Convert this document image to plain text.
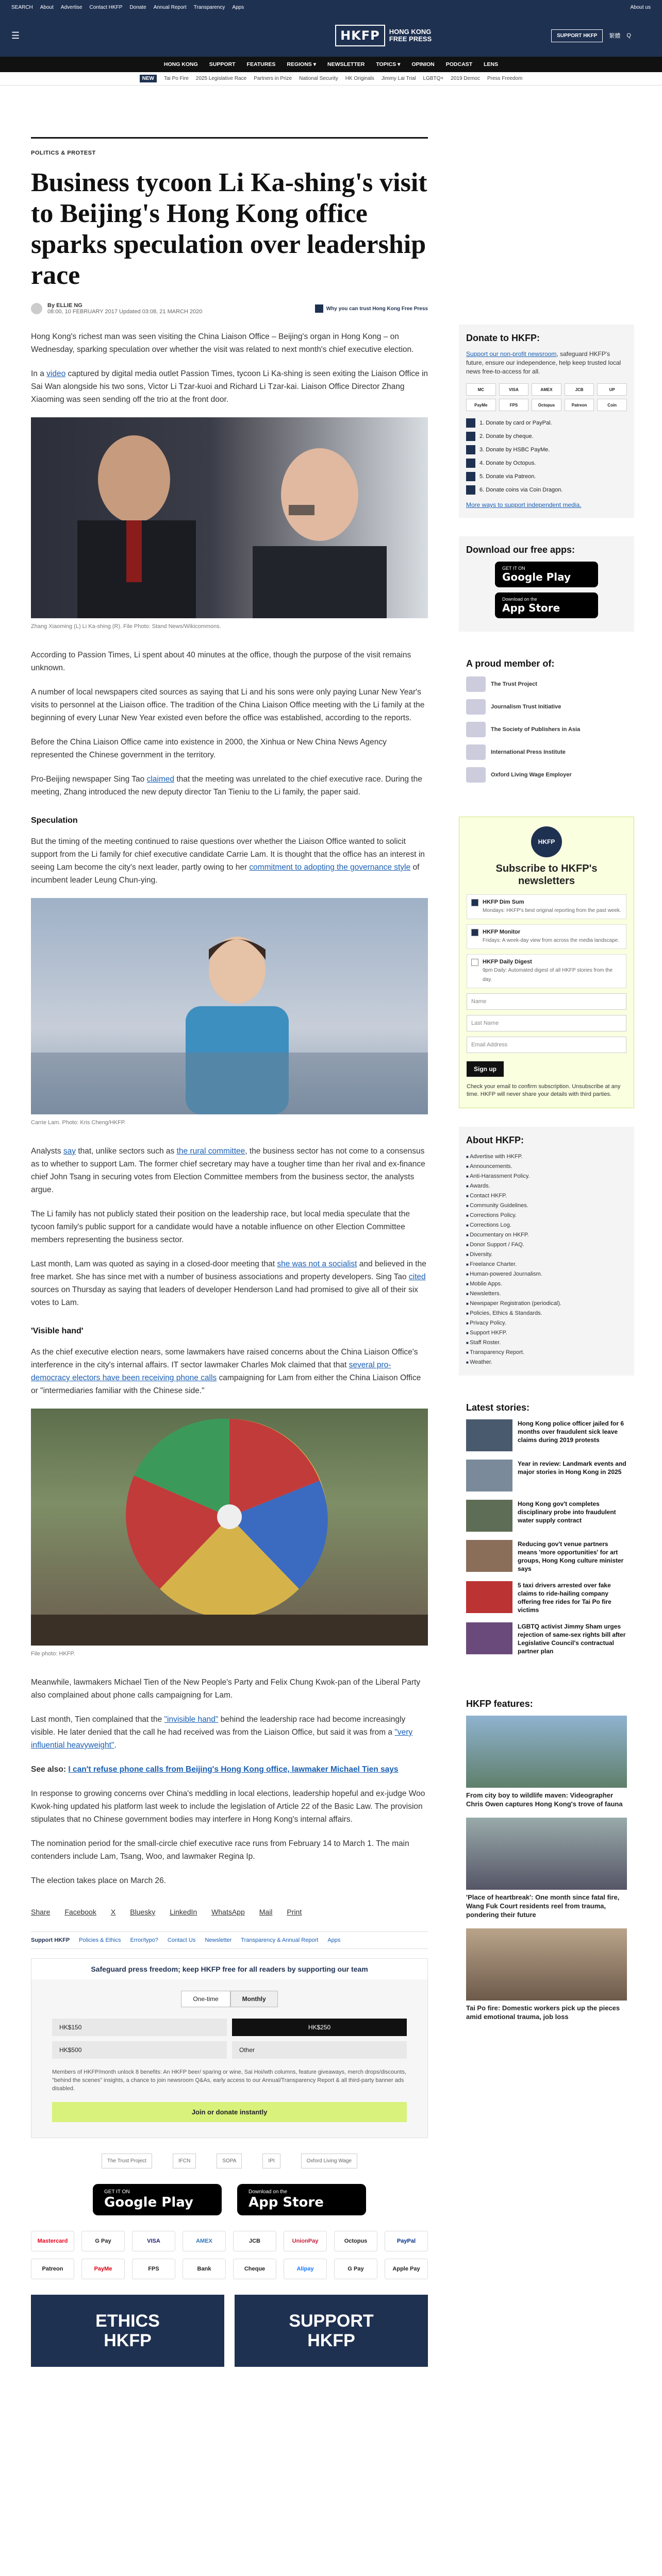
SEARCH About Advertise Contact HKFP Donate Annual Report Transparency Apps	About us
☰	HKFP	HONG KONG
FREE PRESS	SUPPORT HKFP	繁體 Q
HONG KONG SUPPORT FEATURES REGIONS ▾ NEWSLETTER TOPICS ▾ OPINION PODCAST LENS
NEW	Tai Po Fire 2025 Legislative Race Partners in Prize National Security HK Originals Jimmy Lai Trial LGBTQ+ 2019 Democ Press Freedom
POLITICS & PROTEST
Business tycoon Li Ka-shing's visit to Beijing's Hong Kong office sparks speculation over leadership race
By ELLIE NG
08:00, 10 FEBRUARY 2017 Updated 03:08, 21 MARCH 2020	Why you can trust Hong Kong Free Press

Hong Kong's richest man was seen visiting the China Liaison Office – Beijing's organ in Hong Kong – on Wednesday, sparking speculation over whether the visit was related to next month's chief executive election.

In a video captured by digital media outlet Passion Times, tycoon Li Ka-shing is seen exiting the Liaison Office in Sai Wan alongside his two sons, Victor Li Tzar-kuoi and Richard Li Tzar-kai. Liaison Office Director Zhang Xiaoming was seen sending off the trio at the front door.

Zhang Xiaoming (L) Li Ka-shing (R). File Photo: Stand News/Wikicommons.

According to Passion Times, Li spent about 40 minutes at the office, though the purpose of the visit remains unknown.

A number of local newspapers cited sources as saying that Li and his sons were only paying Lunar New Year's visits to personnel at the Liaison office. The tradition of the China Liaison Office meeting with the Li family at the beginning of every Lunar New Year existed even before the office was established, according to the reports.

Before the China Liaison Office came into existence in 2000, the Xinhua or New China News Agency represented the Chinese government in the territory.

Pro-Beijing newspaper Sing Tao claimed that the meeting was unrelated to the chief executive race. During the meeting, Zhang introduced the new deputy director Tan Tieniu to the Li family, the paper said.

Speculation

But the timing of the meeting continued to raise questions over whether the Liaison Office wanted to solicit support from the Li family for chief executive candidate Carrie Lam. It is thought that the office has an interest in seeing Lam become the city's next leader, partly owing to her commitment to adopting the governance style of incumbent leader Leung Chun-ying.

Carrie Lam. Photo: Kris Cheng/HKFP.

Analysts say that, unlike sectors such as the rural committee, the business sector has not come to a consensus as to whether to support Lam. The former chief secretary may have a tougher time than her rival and ex-finance chief John Tsang in securing votes from Election Committee members from the business sector, the analysts argue.

The Li family has not publicly stated their position on the leadership race, but local media speculate that the tycoon family's public support for a candidate would have a notable influence on other Election Committee members representing the business sector.

Last month, Lam was quoted as saying in a closed-door meeting that she was not a socialist and believed in the free market. She has since met with a number of business associations and property developers. Sing Tao cited sources on Thursday as saying that leaders of developer Henderson Land had promised to give all of their six votes to Lam.

'Visible hand'

As the chief executive election nears, some lawmakers have raised concerns about the China Liaison Office's interference in the city's internal affairs. IT sector lawmaker Charles Mok claimed that that several pro-democracy electors have been receiving phone calls campaigning for Lam from either the China Liaison Office or "intermediaries familiar with the Chinese side."

File photo: HKFP.

Meanwhile, lawmakers Michael Tien of the New People's Party and Felix Chung Kwok-pan of the Liberal Party also complained about phone calls campaigning for Lam.

Last month, Tien complained that the "invisible hand" behind the leadership race had become increasingly visible. He later denied that the call he had received was from the Liaison Office, but said it was from a "very influential heavyweight".

See also: I can't refuse phone calls from Beijing's Hong Kong office, lawmaker Michael Tien says

In response to growing concerns over China's meddling in local elections, leadership hopeful and ex-judge Woo Kwok-hing updated his platform last week to include the legislation of Article 22 of the Basic Law. The provision stipulates that no Chinese government bodies may interfere in Hong Kong's internal affairs.

The nomination period for the small-circle chief executive race runs from February 14 to March 1. The main contenders include Lam, Tsang, Woo, and lawmaker Regina Ip.

The election takes place on March 26.

Share Facebook X Bluesky LinkedIn WhatsApp Mail Print
Support HKFP Policies & Ethics Error/typo? Contact Us Newsletter Transparency & Annual Report Apps
Safeguard press freedom; keep HKFP free for all readers by supporting our team
One-time	Monthly
HK$150	HK$250
HK$500	Other
Members of HKFP/month unlock 8 benefits: An HKFP beer/ sparing or wine, Sai Hoi/wth columns, feature giveaways, merch drops/discounts, "behind the scenes" insights, a chance to join newsroom Q&As, early access to our Annual/Transparency Report & all third-party banner ads disabled.
Join or donate instantly
The Trust Project	IFCN	SOPA	IPI	Oxford Living Wage
GET IT ON
Google Play
Download on the
App Store
Mastercard	G Pay	VISA	AMEX	JCB	UnionPay	Octopus	PayPal
Patreon	PayMe	FPS	Bank	Cheque	Alipay	G Pay	Apple Pay
ETHICS
HKFP
SUPPORT
HKFP
Donate to HKFP:

Support our non-profit newsroom, safeguard HKFP's future, ensure our independence, help keep trusted local news free-to-access for all.

MC	VISA	AMEX	JCB	UP
PayMe	FPS	Octopus	Patreon	Coin
1. Donate by card or PayPal.
2. Donate by cheque.
3. Donate by HSBC PayMe.
4. Donate by Octopus.
5. Donate via Patreon.
6. Donate coins via Coin Dragon.

More ways to support independent media.

Download our free apps:
GET IT ON
Google Play
Download on the
App Store
A proud member of:
The Trust Project
Journalism Trust Initiative
The Society of Publishers in Asia
International Press Institute
Oxford Living Wage Employer
HKFP
Subscribe to HKFP's newsletters
HKFP Dim Sum
Mondays: HKFP's best original reporting from the past week.
HKFP Monitor
Fridays: A week-day view from across the media landscape.
HKFP Daily Digest
9pm Daily: Automated digest of all HKFP stories from the day.
Name
Last Name
Email Address
Sign up
Check your email to confirm subscription. Unsubscribe at any time. HKFP will never share your details with third parties.
About HKFP:
■ Advertise with HKFP.
■ Announcements.
■ Anti-Harassment Policy.
■ Awards.
■ Contact HKFP.
■ Community Guidelines.
■ Corrections Policy.
■ Corrections Log.
■ Documentary on HKFP.
■ Donor Support / FAQ.
■ Diversity.
■ Freelance Charter.
■ Human-powered Journalism.
■ Mobile Apps.
■ Newsletters.
■ Newspaper Registration (periodical).
■ Policies, Ethics & Standards.
■ Privacy Policy.
■ Support HKFP.
■ Staff Roster.
■ Transparency Report.
■ Weather.
Latest stories:
Hong Kong police officer jailed for 6 months over fraudulent sick leave claims during 2019 protests
Year in review: Landmark events and major stories in Hong Kong in 2025
Hong Kong gov't completes disciplinary probe into fraudulent water supply contract
Reducing gov't venue partners means 'more opportunities' for art groups, Hong Kong culture minister says
5 taxi drivers arrested over fake claims to ride-hailing company offering free rides for Tai Po fire victims
LGBTQ activist Jimmy Sham urges rejection of same-sex rights bill after Legislative Council's contractual partner plan
HKFP features:
From city boy to wildlife maven: Videographer Chris Owen captures Hong Kong's trove of fauna
'Place of heartbreak': One month since fatal fire, Wang Fuk Court residents reel from trauma, pondering their future
Tai Po fire: Domestic workers pick up the pieces amid emotional trauma, job loss
